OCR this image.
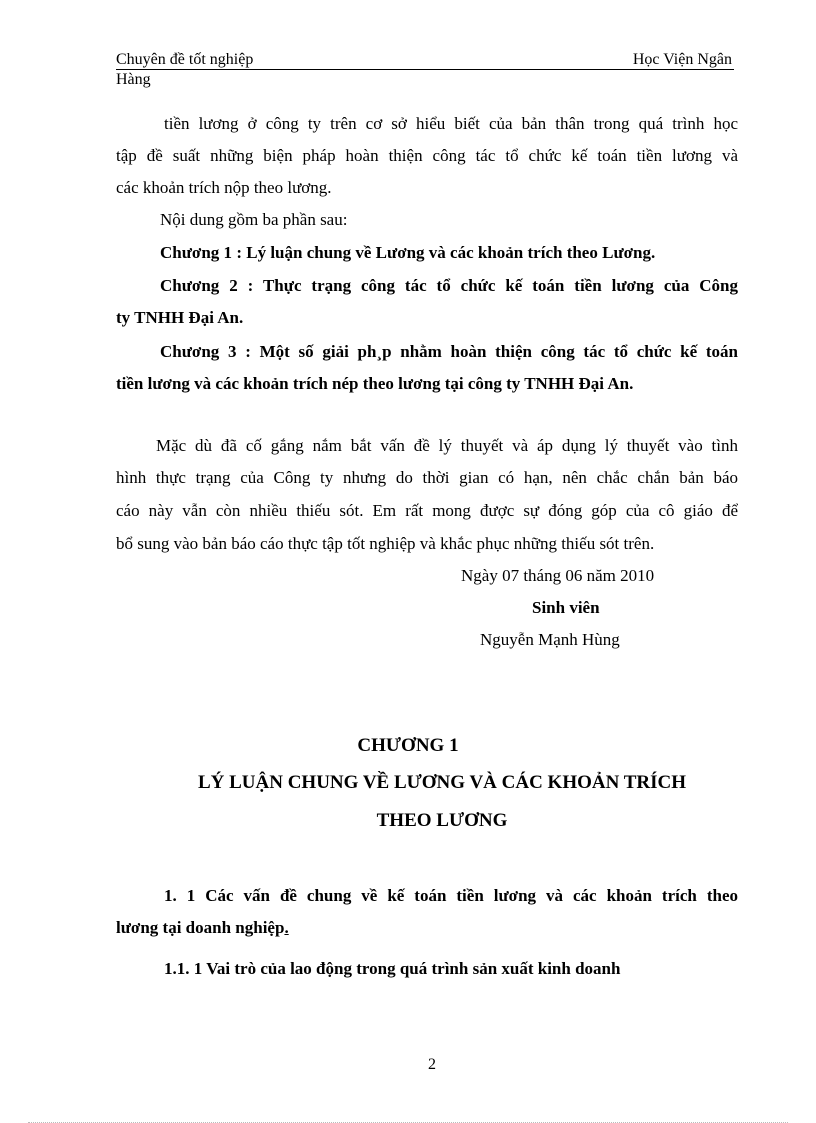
Chuyên đề tốt nghiệp	Học Viện Ngân
Hàng
tiền lương ở công ty trên cơ sở hiểu biết của bản thân trong quá trình học
tập đề suất những biện pháp hoàn thiện công tác tổ chức kế toán tiền lương và
các khoản trích nộp theo lương.
Nội dung gồm ba phần sau:
Chương 1 : Lý luận chung về Lương và các khoản trích theo Lương.
Chương 2 : Thực trạng công tác tổ chức kế toán tiền lương của Công
ty TNHH Đại An.
Chương 3 : Một số giải ph¸p nhằm hoàn thiện công tác tổ chức kế toán
tiền lương và các khoản trích nép theo lương tại công ty TNHH Đại An.
Mặc dù đã cố gắng nắm bắt vấn đề lý thuyết và áp dụng lý thuyết vào tình
hình thực trạng của Công ty nhưng do thời gian có hạn, nên chắc chắn bản báo
cáo này vẫn còn nhiều thiếu sót. Em rất mong được sự đóng góp của cô giáo để
bổ sung vào bản báo cáo thực tập tốt nghiệp và khắc phục những thiếu sót trên.
Ngày 07 tháng 06 năm 2010
Sinh viên
Nguyễn Mạnh Hùng
CHƯƠNG 1
LÝ LUẬN CHUNG VỀ LƯƠNG VÀ CÁC KHOẢN TRÍCH
THEO LƯƠNG
1. 1 Các vấn đề chung về kế toán tiền lương và các khoản trích theo
lương tại doanh nghiệp.
1.1. 1 Vai trò của lao động trong quá trình sản xuất kinh doanh
2
